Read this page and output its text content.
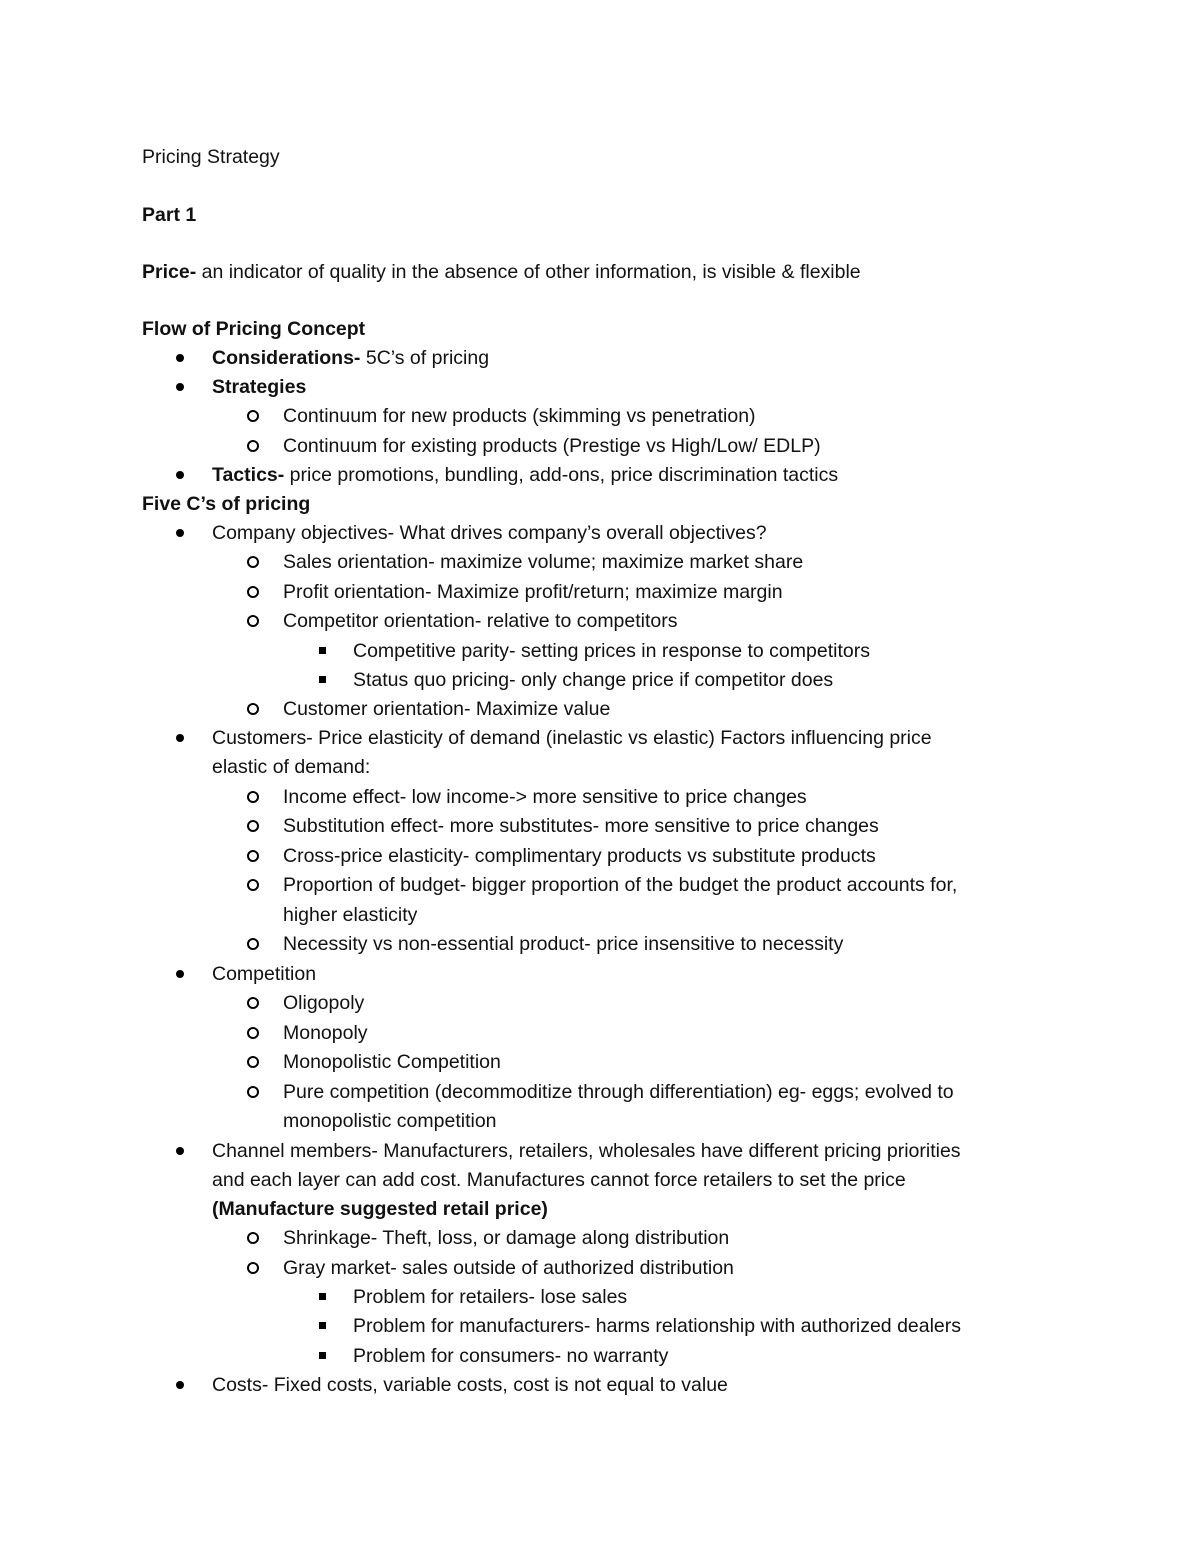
Pricing Strategy
Part 1
Price- an indicator of quality in the absence of other information, is visible & flexible
Flow of Pricing Concept
Considerations- 5C’s of pricing
Strategies
Continuum for new products (skimming vs penetration)
Continuum for existing products (Prestige vs High/Low/ EDLP)
Tactics- price promotions, bundling, add-ons, price discrimination tactics
Five C’s of pricing
Company objectives- What drives company’s overall objectives?
Sales orientation- maximize volume; maximize market share
Profit orientation- Maximize profit/return; maximize margin
Competitor orientation- relative to competitors
Competitive parity- setting prices in response to competitors
Status quo pricing- only change price if competitor does
Customer orientation- Maximize value
Customers- Price elasticity of demand (inelastic vs elastic) Factors influencing price
elastic of demand:
Income effect- low income-> more sensitive to price changes
Substitution effect- more substitutes- more sensitive to price changes
Cross-price elasticity- complimentary products vs substitute products
Proportion of budget- bigger proportion of the budget the product accounts for,
higher elasticity
Necessity vs non-essential product- price insensitive to necessity
Competition
Oligopoly
Monopoly
Monopolistic Competition
Pure competition (decommoditize through differentiation) eg- eggs; evolved to
monopolistic competition
Channel members- Manufacturers, retailers, wholesales have different pricing priorities
and each layer can add cost. Manufactures cannot force retailers to set the price
(Manufacture suggested retail price)
Shrinkage- Theft, loss, or damage along distribution
Gray market- sales outside of authorized distribution
Problem for retailers- lose sales
Problem for manufacturers- harms relationship with authorized dealers
Problem for consumers- no warranty
Costs- Fixed costs, variable costs, cost is not equal to value
